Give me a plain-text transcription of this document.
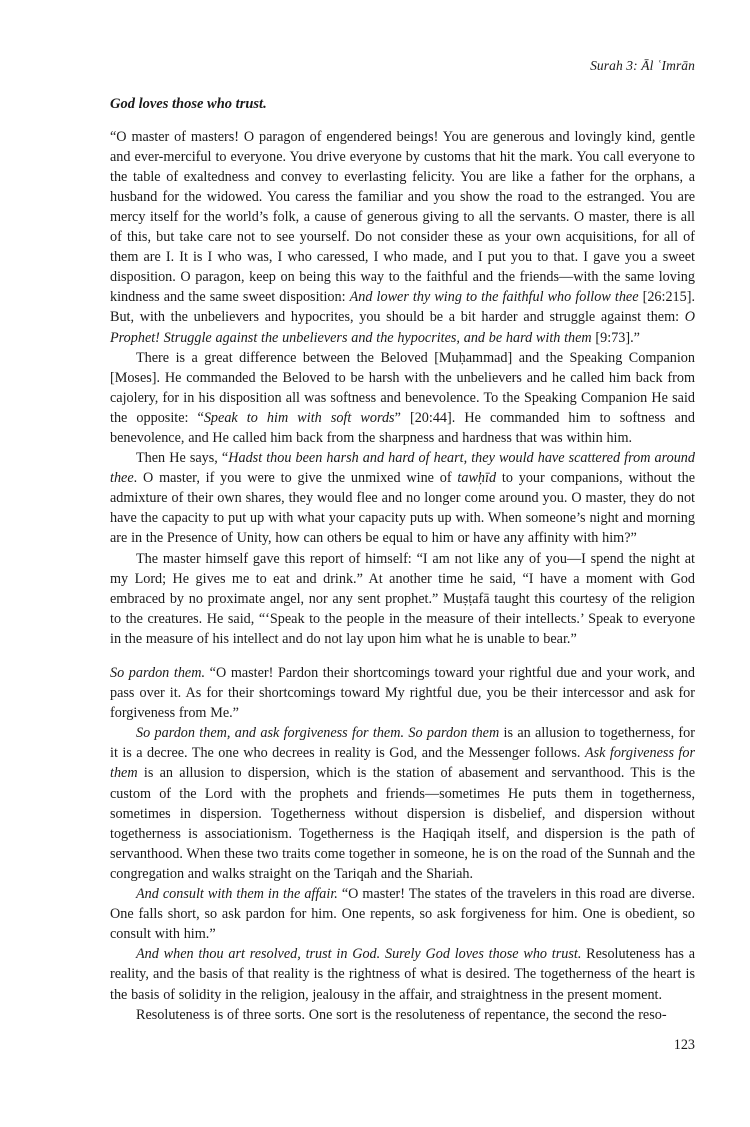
Surah 3: Āl ʿImrān

God loves those who trust.

“O master of masters! O paragon of engendered beings! You are generous and lovingly kind, gentle and ever-merciful to everyone. You drive everyone by customs that hit the mark. You call everyone to the table of exaltedness and convey to everlasting felicity. You are like a father for the orphans, a husband for the widowed. You caress the familiar and you show the road to the estranged. You are mercy itself for the world’s folk, a cause of generous giving to all the servants. O master, there is all of this, but take care not to see yourself. Do not consider these as your own acquisitions, for all of them are I. It is I who was, I who caressed, I who made, and I put you to that. I gave you a sweet disposition. O paragon, keep on being this way to the faithful and the friends—with the same loving kindness and the same sweet disposition: And lower thy wing to the faithful who follow thee [26:215]. But, with the unbelievers and hypocrites, you should be a bit harder and struggle against them: O Prophet! Struggle against the unbelievers and the hypocrites, and be hard with them [9:73].”

There is a great difference between the Beloved [Muḥammad] and the Speaking Companion [Moses]. He commanded the Beloved to be harsh with the unbelievers and he called him back from cajolery, for in his disposition all was softness and benevolence. To the Speaking Companion He said the opposite: “Speak to him with soft words” [20:44]. He commanded him to softness and benevolence, and He called him back from the sharpness and hardness that was within him.

Then He says, “Hadst thou been harsh and hard of heart, they would have scattered from around thee. O master, if you were to give the unmixed wine of tawḥīd to your companions, without the admixture of their own shares, they would flee and no longer come around you. O master, they do not have the capacity to put up with what your capacity puts up with. When someone’s night and morning are in the Presence of Unity, how can others be equal to him or have any affinity with him?”

The master himself gave this report of himself: “I am not like any of you—I spend the night at my Lord; He gives me to eat and drink.” At another time he said, “I have a moment with God embraced by no proximate angel, nor any sent prophet.” Muṣṭafā taught this courtesy of the religion to the creatures. He said, “‘Speak to the people in the measure of their intellects.’ Speak to everyone in the measure of his intellect and do not lay upon him what he is unable to bear.”

So pardon them. “O master! Pardon their shortcomings toward your rightful due and your work, and pass over it. As for their shortcomings toward My rightful due, you be their intercessor and ask for forgiveness from Me.”

So pardon them, and ask forgiveness for them. So pardon them is an allusion to togetherness, for it is a decree. The one who decrees in reality is God, and the Messenger follows. Ask forgiveness for them is an allusion to dispersion, which is the station of abasement and servanthood. This is the custom of the Lord with the prophets and friends—sometimes He puts them in togetherness, sometimes in dispersion. Togetherness without dispersion is disbelief, and dispersion without togetherness is associationism. Togetherness is the Haqiqah itself, and dispersion is the path of servanthood. When these two traits come together in someone, he is on the road of the Sunnah and the congregation and walks straight on the Tariqah and the Shariah.

And consult with them in the affair. “O master! The states of the travelers in this road are diverse. One falls short, so ask pardon for him. One repents, so ask forgiveness for him. One is obedient, so consult with him.”

And when thou art resolved, trust in God. Surely God loves those who trust. Resoluteness has a reality, and the basis of that reality is the rightness of what is desired. The togetherness of the heart is the basis of solidity in the religion, jealousy in the affair, and straightness in the present moment.

Resoluteness is of three sorts. One sort is the resoluteness of repentance, the second the reso-

123
